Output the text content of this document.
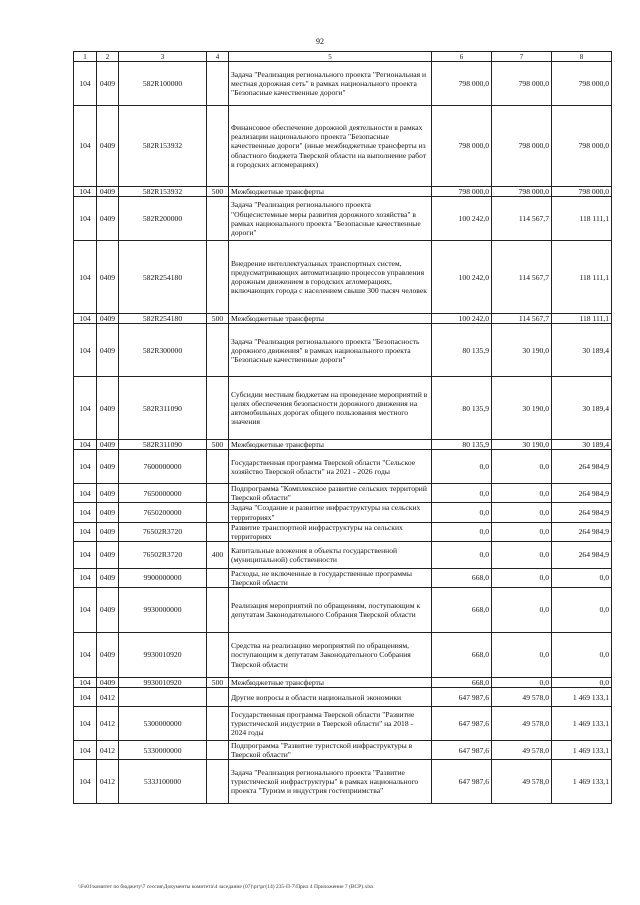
92
1	2	3	4	5	6	7	8
104	0409	582R100000		Задача "Реализация регионального проекта "Региональная и местная дорожная сеть" в рамках национального проекта "Безопасные качественные дороги"	798 000,0	798 000,0	798 000,0
104	0409	582R153932		Финансовое обеспечение дорожной деятельности в рамках реализации национального проекта "Безопасные качественные дороги" (иные межбюджетные трансферты из областного бюджета Тверской области на выполнение работ в городских агломерациях)	798 000,0	798 000,0	798 000,0
104	0409	582R153932	500	Межбюджетные трансферты	798 000,0	798 000,0	798 000,0
104	0409	582R200000		Задача "Реализация регионального проекта "Общесистемные меры развития дорожного хозяйства" в рамках национального проекта "Безопасные качественные дороги"	100 242,0	114 567,7	118 111,1
104	0409	582R254180		Внедрение интеллектуальных транспортных систем, предусматривающих автоматизацию процессов управления дорожным движением в городских агломерациях, включающих города с населением свыше 300 тысяч человек	100 242,0	114 567,7	118 111,1
104	0409	582R254180	500	Межбюджетные трансферты	100 242,0	114 567,7	118 111,1
104	0409	582R300000		Задача "Реализация регионального проекта "Безопасность дорожного движения" в рамках национального проекта "Безопасные качественные дороги"	80 135,9	30 190,0	30 189,4
104	0409	582R311090		Субсидии местным бюджетам на проведение мероприятий в целях обеспечения безопасности дорожного движения на автомобильных дорогах общего пользования местного значения	80 135,9	30 190,0	30 189,4
104	0409	582R311090	500	Межбюджетные трансферты	80 135,9	30 190,0	30 189,4
104	0409	7600000000		Государственная программа Тверской области "Сельское хозяйство Тверской области" на 2021 - 2026 годы	0,0	0,0	264 984,9
104	0409	7650000000		Подпрограмма "Комплексное развитие сельских территорий Тверской области"	0,0	0,0	264 984,9
104	0409	7650200000		Задача "Создание и развитие инфраструктуры на сельских территориях"	0,0	0,0	264 984,9
104	0409	76502R3720		Развитие транспортной инфраструктуры на сельских территориях	0,0	0,0	264 984,9
104	0409	76502R3720	400	Капитальные вложения в объекты государственной (муниципальной) собственности	0,0	0,0	264 984,9
104	0409	9900000000		Расходы, не включенные в государственные программы Тверской области	668,0	0,0	0,0
104	0409	9930000000		Реализация мероприятий по обращениям, поступающим к депутатам Законодательного Собрания Тверской области	668,0	0,0	0,0
104	0409	9930010920		Средства на реализацию мероприятий по обращениям, поступающим к депутатам Законодательного Собрания Тверской области	668,0	0,0	0,0
104	0409	9930010920	500	Межбюджетные трансферты	668,0	0,0	0,0
104	0412			Другие вопросы в области национальной экономики	647 987,6	49 578,0	1 469 133,1
104	0412	5300000000		Государственная программа Тверской области "Развитие туристической индустрии в Тверской области" на 2018 - 2024 годы	647 987,6	49 578,0	1 469 133,1
104	0412	5330000000		Подпрограмма "Развитие туристской инфраструктуры в Тверской области"	647 987,6	49 578,0	1 469 133,1
104	0412	533J100000		Задача "Реализация регионального проекта "Развитие туристической инфраструктуры" в рамках национального проекта "Туризм и индустрия гостеприимства"	647 987,6	49 578,0	1 469 133,1
\\Fs01\комитет по бюджету\7 сессия\Документы комитета\4 заседание (07)\рг\рг(14) 235-П-7\Прил 4 Приложение 7 (ВСР).xlsx
